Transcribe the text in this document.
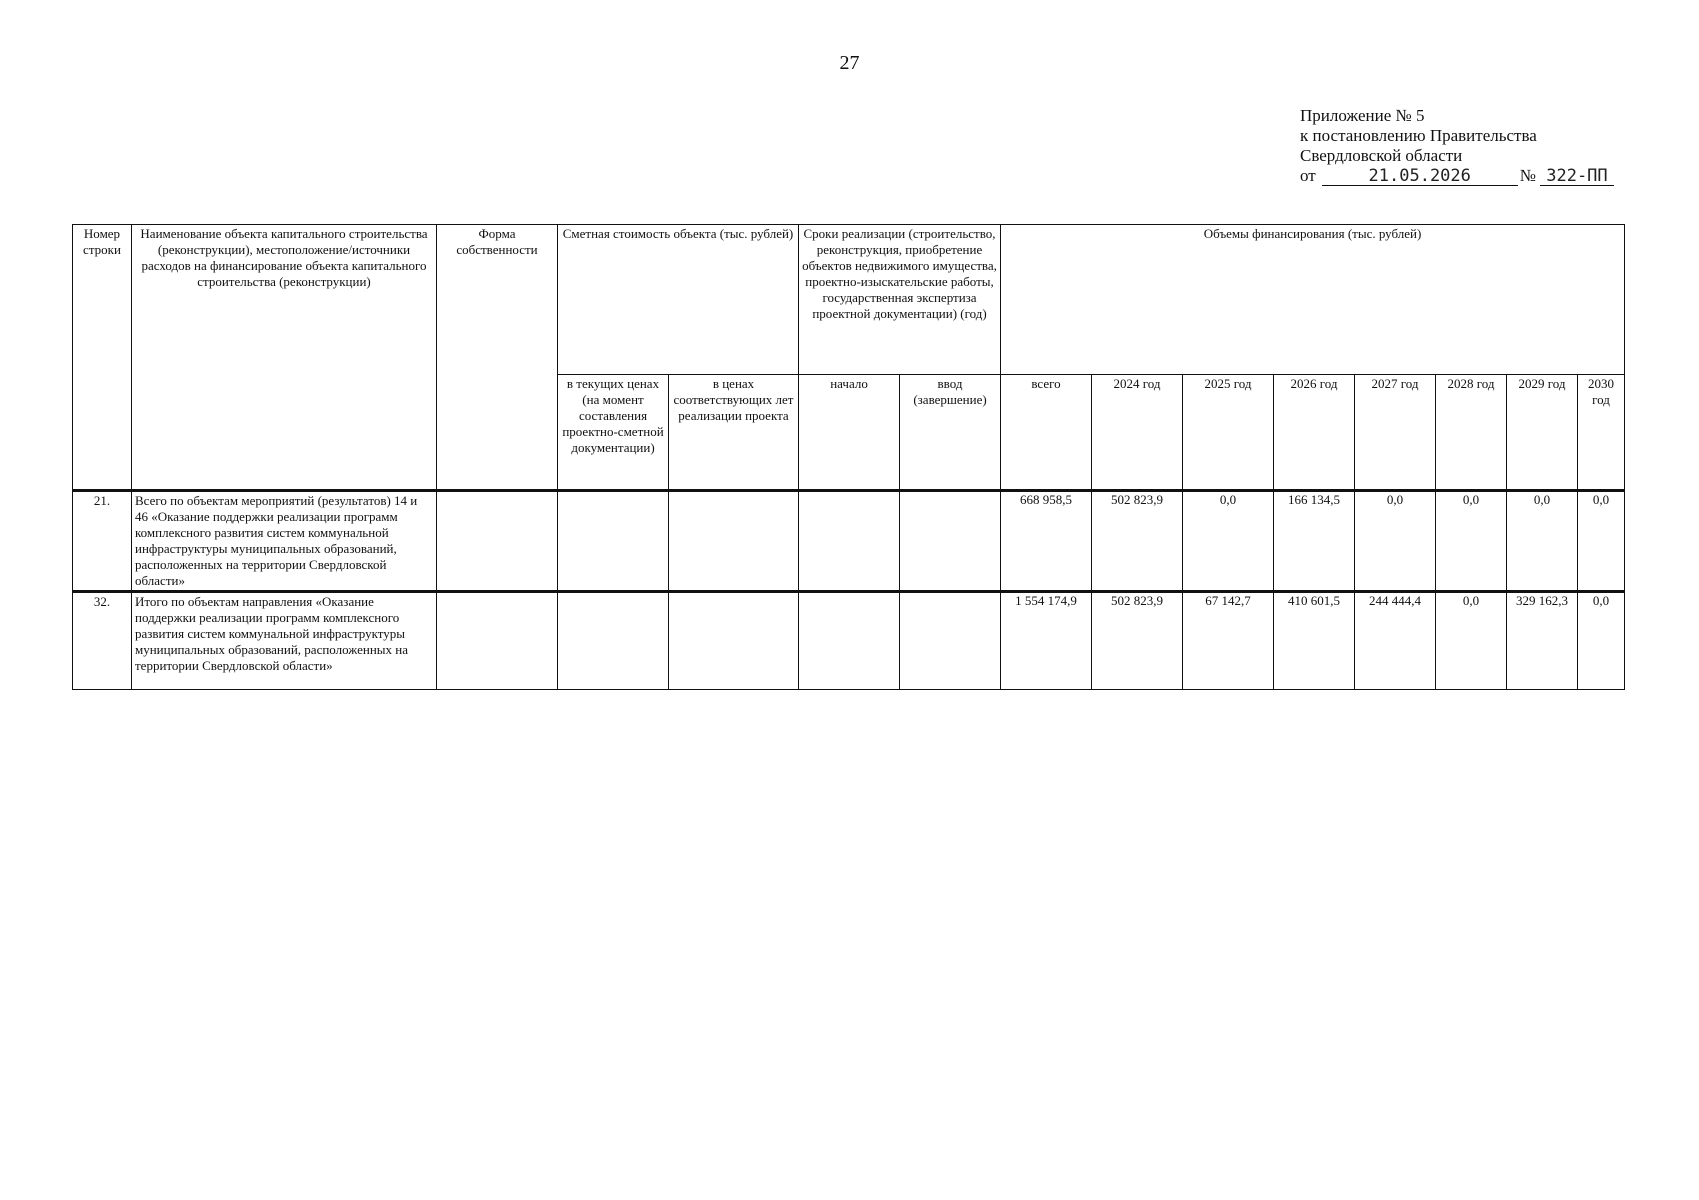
27
Приложение № 5
к постановлению Правительства
Свердловской области
от	21.05.2026	№ 322-ПП
Номер строки	Наименование объекта капитального строительства (реконструкции), местоположение/источники расходов на финансирование объекта капитального строительства (реконструкции)	Форма собственности	Сметная стоимость объекта (тыс. рублей)		Сроки реализации (строительство, реконструкция, приобретение объектов недвижимого имущества, проектно-изыскательские работы, государственная экспертиза проектной документации) (год)		Объемы финансирования (тыс. рублей)							
			в текущих ценах (на момент составления проектно-сметной документации)	в ценах соответствующих лет реализации проекта	начало	ввод (завершение)	всего	2024 год	2025 год	2026 год	2027 год	2028 год	2029 год	2030 год
21.	Всего по объектам мероприятий (результатов) 14 и 46 «Оказание поддержки реализации программ комплексного развития систем коммунальной инфраструктуры муниципальных образований, расположенных на территории Свердловской области»						668 958,5	502 823,9	0,0	166 134,5	0,0	0,0	0,0	0,0
32.	Итого по объектам направления «Оказание поддержки реализации программ комплексного развития систем коммунальной инфраструктуры муниципальных образований, расположенных на территории Свердловской области»						1 554 174,9	502 823,9	67 142,7	410 601,5	244 444,4	0,0	329 162,3	0,0
